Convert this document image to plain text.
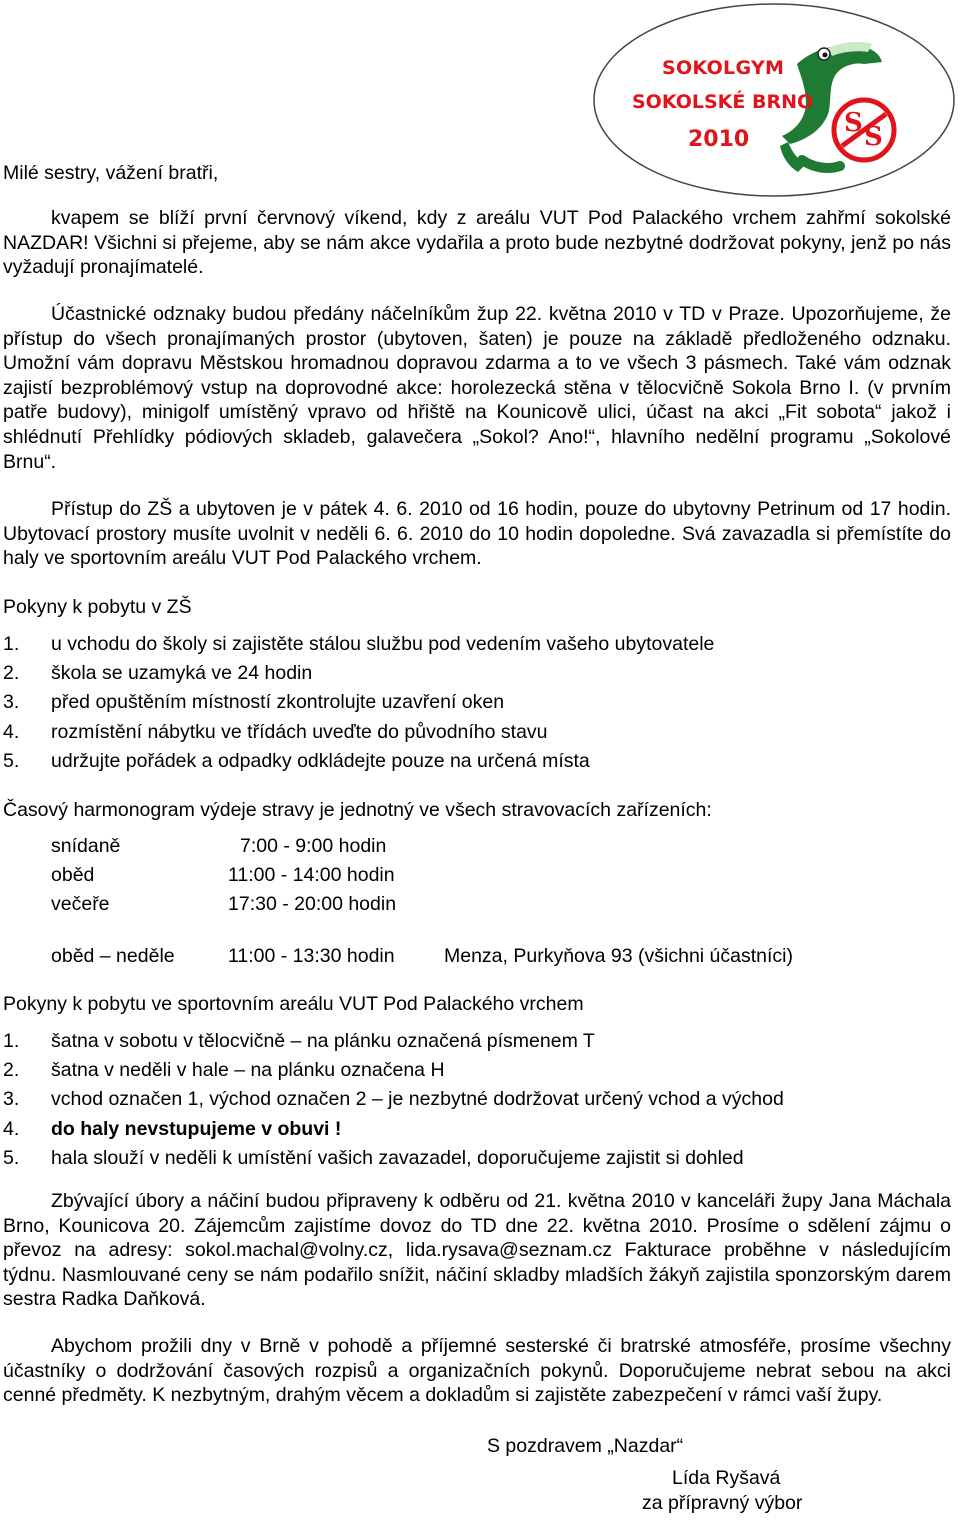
SOKOLGYM
SOKOLSKÉ BRNO
2010
S S
Milé sestry, vážení bratři,
kvapem se blíží první červnový víkend, kdy z areálu VUT Pod Palackého vrchem zahřmí sokolské NAZDAR! Všichni si přejeme, aby se nám akce vydařila a proto bude nezbytné dodržovat pokyny, jenž po nás vyžadují pronajímatelé.
Účastnické odznaky budou předány náčelníkům žup 22. května 2010 v TD v Praze. Upozorňujeme, že přístup do všech pronajímaných prostor (ubytoven, šaten) je pouze na základě předloženého odznaku. Umožní vám dopravu Městskou hromadnou dopravou zdarma a to ve všech 3 pásmech. Také vám odznak zajistí bezproblémový vstup na doprovodné akce: horolezecká stěna v tělocvičně Sokola Brno I. (v prvním patře budovy), minigolf umístěný vpravo od hřiště na Kounicově ulici, účast na akci „Fit sobota“ jakož i shlédnutí Přehlídky pódiových skladeb, galavečera „Sokol? Ano!“, hlavního nedělní programu „Sokolové Brnu“.
Přístup do ZŠ a ubytoven je v pátek 4. 6. 2010 od 16 hodin, pouze do ubytovny Petrinum od 17 hodin. Ubytovací prostory musíte uvolnit v neděli 6. 6. 2010 do 10 hodin dopoledne. Svá zavazadla si přemístíte do haly ve sportovním areálu VUT Pod Palackého vrchem.
Pokyny k pobytu v ZŠ
1.	u vchodu do školy si zajistěte stálou službu pod vedením vašeho ubytovatele
2.	škola se uzamyká ve 24 hodin
3.	před opuštěním místností zkontrolujte uzavření oken
4.	rozmístění nábytku ve třídách uveďte do původního stavu
5.	udržujte pořádek a odpadky odkládejte pouze na určená místa
Časový harmonogram výdeje stravy je jednotný ve všech stravovacích zařízeních:
snídaně	7:00 - 9:00 hodin
oběd	11:00 - 14:00 hodin
večeře	17:30 - 20:00 hodin
oběd – neděle	11:00 - 13:30 hodin	Menza, Purkyňova 93 (všichni účastníci)
Pokyny k pobytu ve sportovním areálu VUT Pod Palackého vrchem
1.	šatna v sobotu v tělocvičně – na plánku označená písmenem T
2.	šatna v neděli v hale – na plánku označena H
3.	vchod označen 1, východ označen 2 – je nezbytné dodržovat určený vchod a východ
4.	do haly nevstupujeme v obuvi !
5.	hala slouží v neděli k umístění vašich zavazadel, doporučujeme zajistit si dohled
Zbývající úbory a náčiní budou připraveny k odběru od 21. května 2010 v kanceláři župy Jana Máchala Brno, Kounicova 20. Zájemcům zajistíme dovoz do TD dne 22. května 2010. Prosíme o sdělení zájmu o převoz na adresy: sokol.machal@volny.cz, lida.rysava@seznam.cz Fakturace proběhne v následujícím týdnu. Nasmlouvané ceny se nám podařilo snížit, náčiní skladby mladších žákyň zajistila sponzorským darem sestra Radka Daňková.
Abychom prožili dny v Brně v pohodě a příjemné sesterské či bratrské atmosféře, prosíme všechny účastníky o dodržování časových rozpisů a organizačních pokynů. Doporučujeme nebrat sebou na akci cenné předměty. K nezbytným, drahým věcem a dokladům si zajistěte zabezpečení v rámci vaší župy.
S pozdravem „Nazdar“
Lída Ryšavá
za přípravný výbor
